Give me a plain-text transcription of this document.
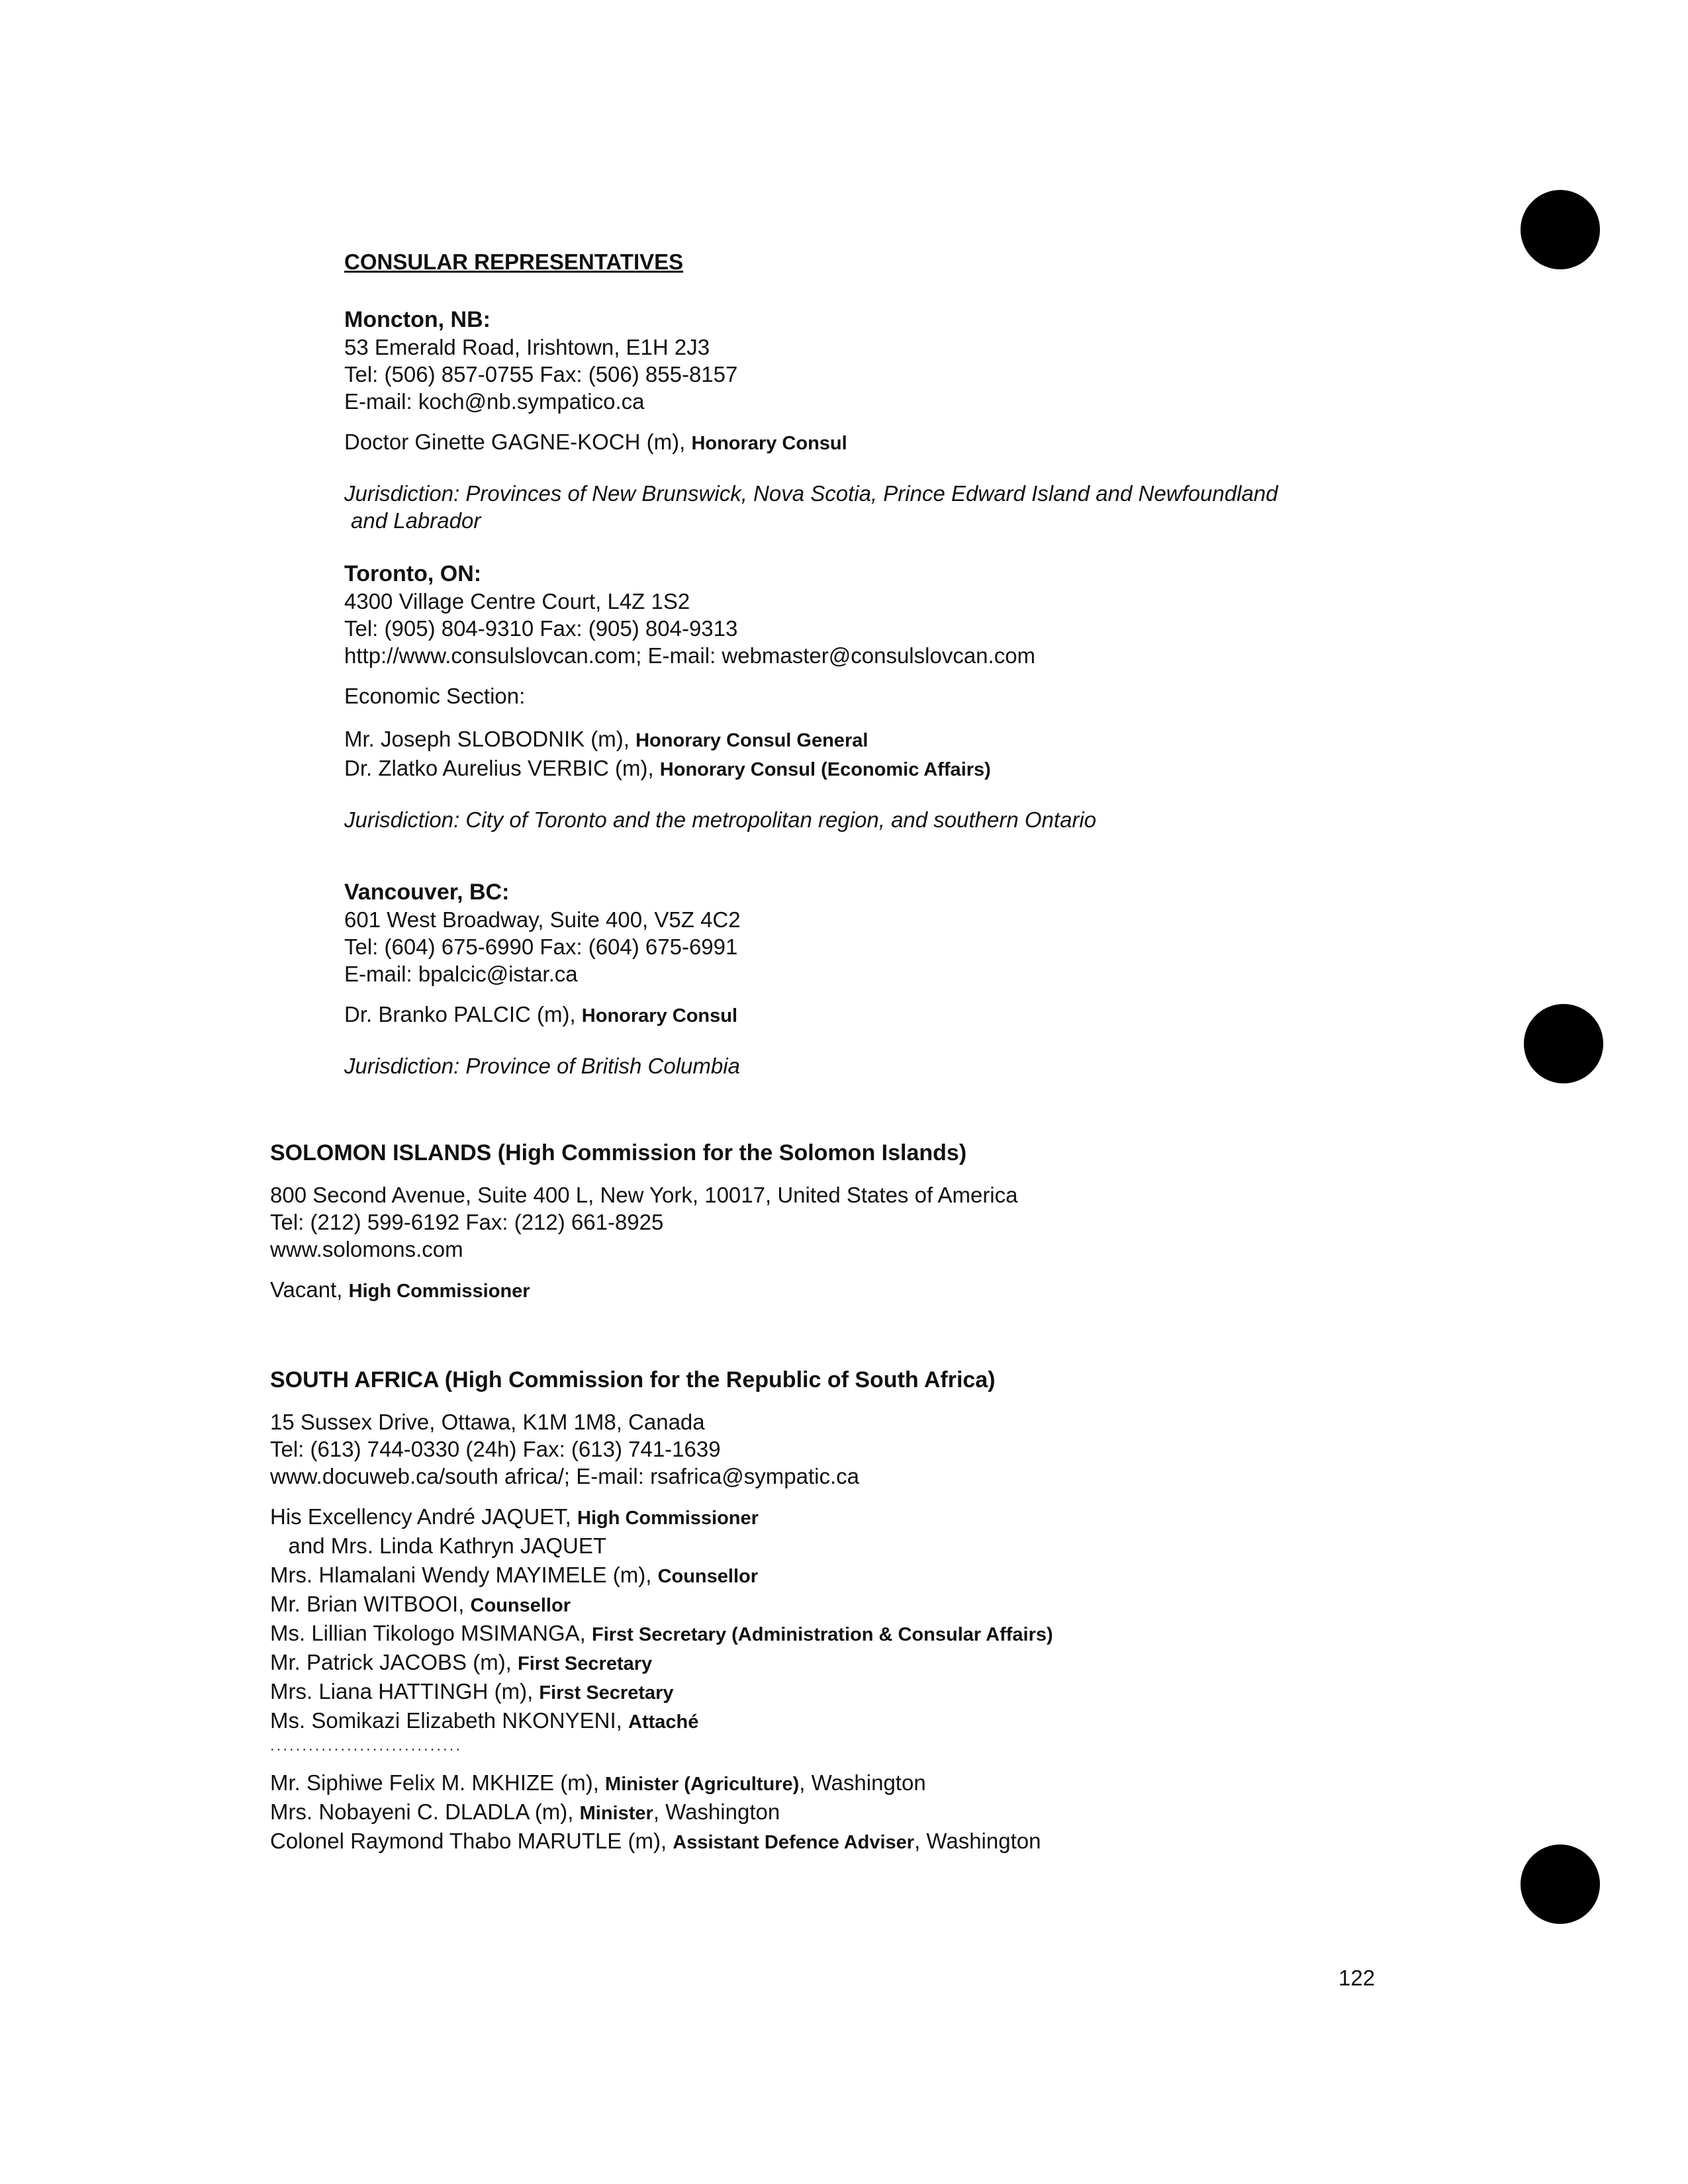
CONSULAR REPRESENTATIVES
Moncton, NB:
53 Emerald Road, Irishtown, E1H 2J3
Tel: (506) 857-0755 Fax: (506) 855-8157
E-mail: koch@nb.sympatico.ca
Doctor Ginette GAGNE-KOCH (m), Honorary Consul
Jurisdiction: Provinces of New Brunswick, Nova Scotia, Prince Edward Island and Newfoundland
and Labrador
Toronto, ON:
4300 Village Centre Court, L4Z 1S2
Tel: (905) 804-9310 Fax: (905) 804-9313
http://www.consulslovcan.com; E-mail: webmaster@consulslovcan.com
Economic Section:
Mr. Joseph SLOBODNIK (m), Honorary Consul General
Dr. Zlatko Aurelius VERBIC (m), Honorary Consul (Economic Affairs)
Jurisdiction: City of Toronto and the metropolitan region, and southern Ontario
Vancouver, BC:
601 West Broadway, Suite 400, V5Z 4C2
Tel: (604) 675-6990 Fax: (604) 675-6991
E-mail: bpalcic@istar.ca
Dr. Branko PALCIC (m), Honorary Consul
Jurisdiction: Province of British Columbia
SOLOMON ISLANDS (High Commission for the Solomon Islands)
800 Second Avenue, Suite 400 L, New York, 10017, United States of America
Tel: (212) 599-6192 Fax: (212) 661-8925
www.solomons.com
Vacant, High Commissioner
SOUTH AFRICA (High Commission for the Republic of South Africa)
15 Sussex Drive, Ottawa, K1M 1M8, Canada
Tel: (613) 744-0330 (24h) Fax: (613) 741-1639
www.docuweb.ca/south africa/; E-mail: rsafrica@sympatic.ca
His Excellency André JAQUET, High Commissioner
and Mrs. Linda Kathryn JAQUET
Mrs. Hlamalani Wendy MAYIMELE (m), Counsellor
Mr. Brian WITBOOI, Counsellor
Ms. Lillian Tikologo MSIMANGA, First Secretary (Administration & Consular Affairs)
Mr. Patrick JACOBS (m), First Secretary
Mrs. Liana HATTINGH (m), First Secretary
Ms. Somikazi Elizabeth NKONYENI, Attaché
..............................
Mr. Siphiwe Felix M. MKHIZE (m), Minister (Agriculture), Washington
Mrs. Nobayeni C. DLADLA (m), Minister, Washington
Colonel Raymond Thabo MARUTLE (m), Assistant Defence Adviser, Washington
122
